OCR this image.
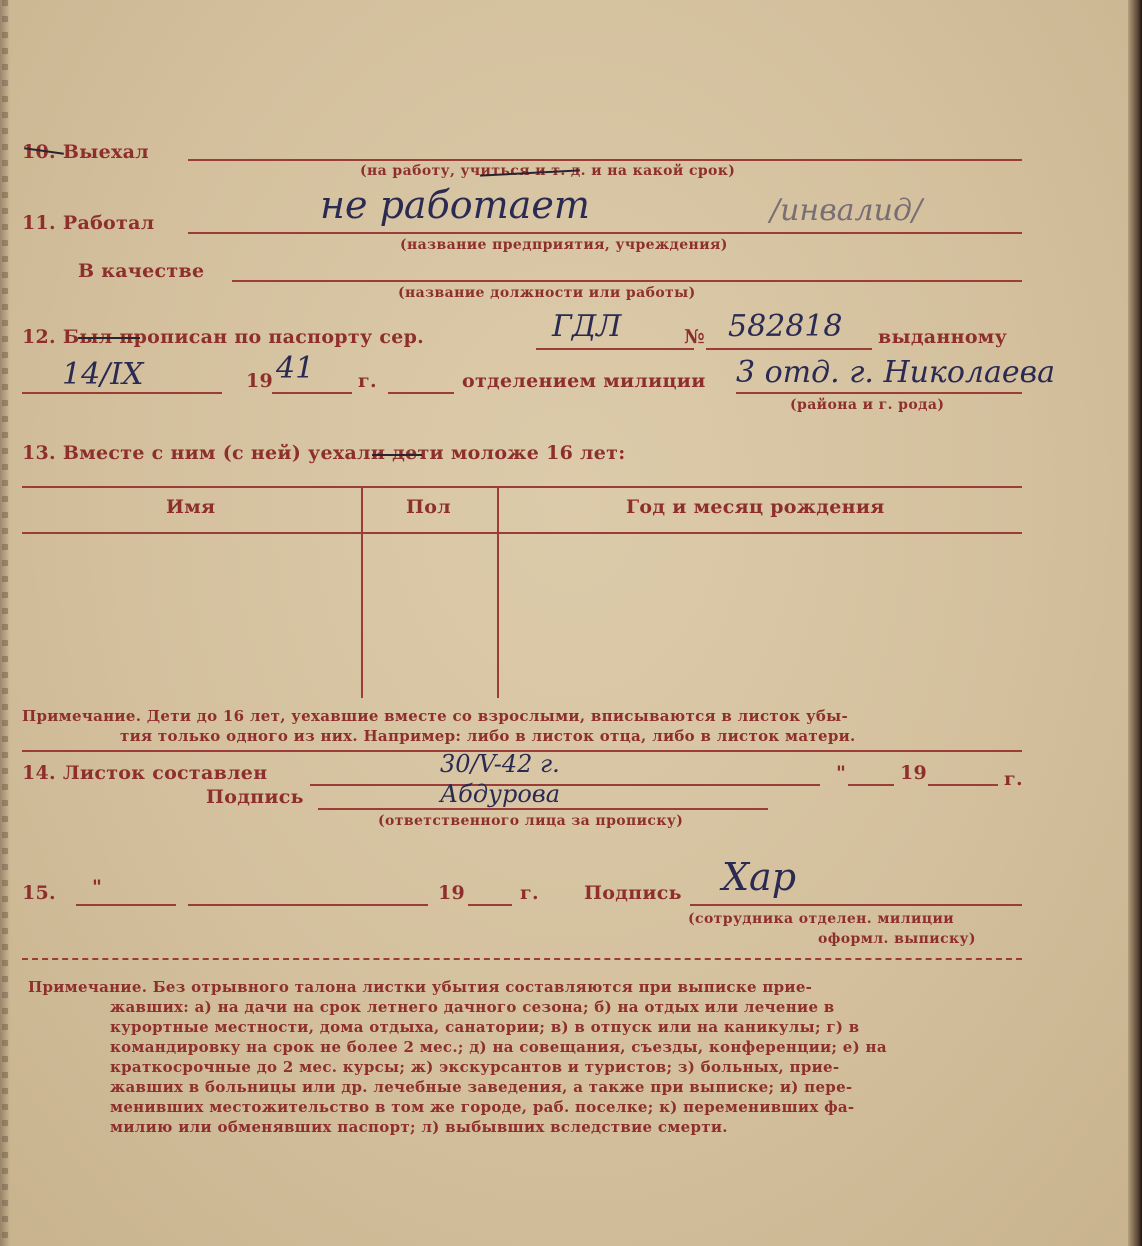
10. Выехал
(на работу, учиться и т. д. и на какой срок)
11. Работал	не работает	/инвалид/
(название предприятия, учреждения)
В качестве
(название должности или работы)
12. Был прописан по паспорту сер.	ГДЛ	№ 582818 выданному
14/IX	19 41 г.	отделением милиции 3 отд. г. Николаева
(района и г. рода)
13. Вместе с ним (с ней) уехали дети моложе 16 лет:
Имя	Пол	Год и месяц рождения
Примечание. Дети до 16 лет, уехавшие вместе со взрослыми, вписываются в листок убы-
тия только одного из них. Например: либо в листок отца, либо в листок матери.
14. Листок составлен	30/V-42 г.	"	19	г.
Подпись	Абдурова
(ответственного лица за прописку)
15. "	19	г. Подпись Хар
(сотрудника отделен. милиции
оформл. выписку)
Примечание. Без отрывного талона листки убытия составляются при выписке прие-
жавших: а) на дачи на срок летнего дачного сезона; б) на отдых или лечение в
курортные местности, дома отдыха, санатории; в) в отпуск или на каникулы; г) в
командировку на срок не более 2 мес.; д) на совещания, съезды, конференции; е) на
краткосрочные до 2 мес. курсы; ж) экскурсантов и туристов; з) больных, прие-
жавших в больницы или др. лечебные заведения, а также при выписке; и) пере-
менивших местожительство в том же городе, раб. поселке; к) переменивших фа-
милию или обменявших паспорт; л) выбывших вследствие смерти.
